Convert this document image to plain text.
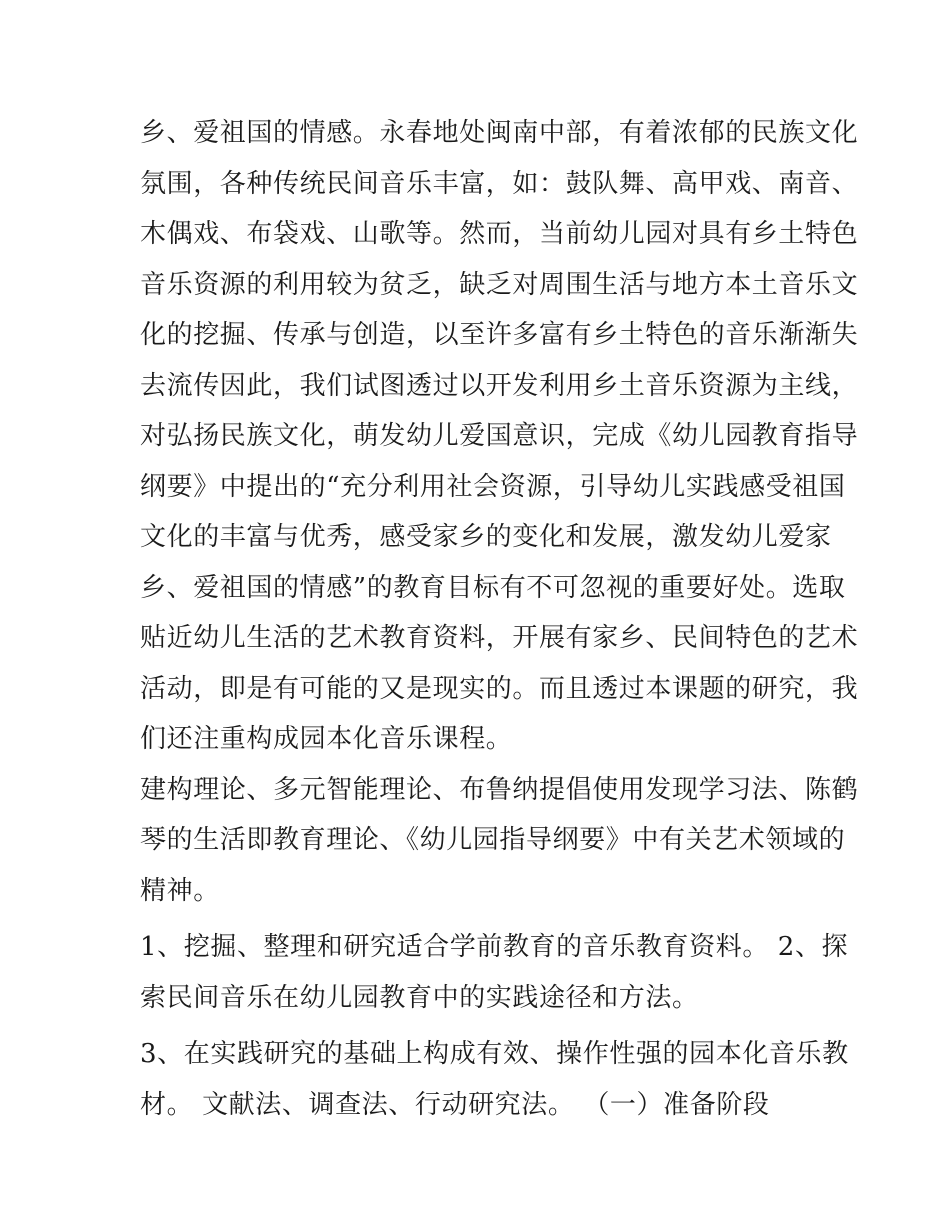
乡、爱祖国的情感。永春地处闽南中部，有着浓郁的民族文化
氛围，各种传统民间音乐丰富，如：鼓队舞、高甲戏、南音、
木偶戏、布袋戏、山歌等。然而，当前幼儿园对具有乡土特色
音乐资源的利用较为贫乏，缺乏对周围生活与地方本土音乐文
化的挖掘、传承与创造，以至许多富有乡土特色的音乐渐渐失
去流传因此，我们试图透过以开发利用乡土音乐资源为主线，
对弘扬民族文化，萌发幼儿爱国意识，完成《幼儿园教育指导
纲要》中提出的“充分利用社会资源，引导幼儿实践感受祖国
文化的丰富与优秀，感受家乡的变化和发展，激发幼儿爱家
乡、爱祖国的情感”的教育目标有不可忽视的重要好处。选取
贴近幼儿生活的艺术教育资料，开展有家乡、民间特色的艺术
活动，即是有可能的又是现实的。而且透过本课题的研究，我
们还注重构成园本化音乐课程。

建构理论、多元智能理论、布鲁纳提倡使用发现学习法、陈鹤
琴的生活即教育理论、《幼儿园指导纲要》中有关艺术领域的
精神。

1、挖掘、整理和研究适合学前教育的音乐教育资料。 2、探
索民间音乐在幼儿园教育中的实践途径和方法。

3、在实践研究的基础上构成有效、操作性强的园本化音乐教
材。 文献法、调查法、行动研究法。 （一）准备阶段
